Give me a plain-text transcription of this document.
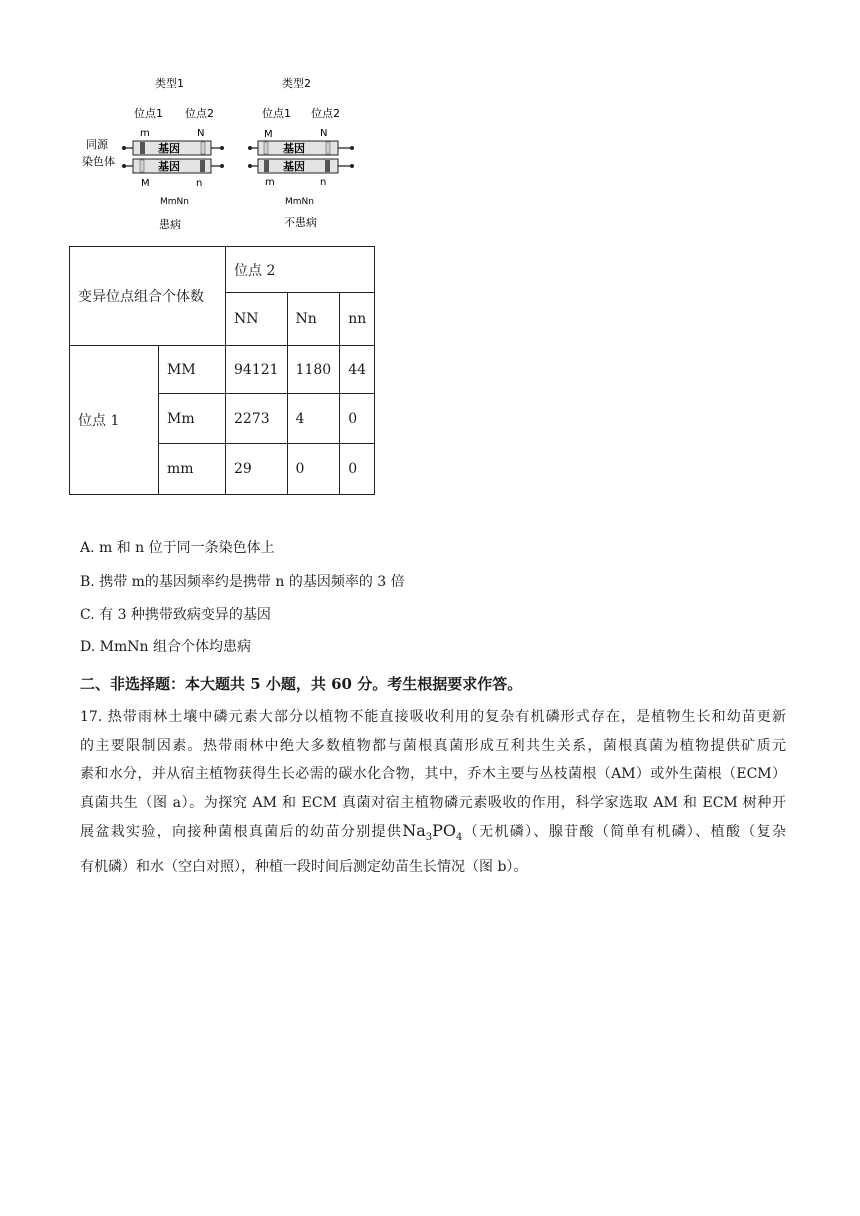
同源
染色体
类型1
位点1 位点2
m	N
基因
基因
M	n
MmNn
患病
类型2
位点1 位点2
M	N
基因
基因
m	n
MmNn
不患病
变异位点组合个体数		位点 2		
		NN	Nn	nn
位点 1	MM	94121	1180	44
	Mm	2273	4	0
	mm	29	0	0
A. m 和 n 位于同一条染色体上
B. 携带 m的基因频率约是携带 n 的基因频率的 3 倍
C. 有 3 种携带致病变异的基因
D. MmNn 组合个体均患病
二、非选择题：本大题共 5 小题，共 60 分。考生根据要求作答。
17. 热带雨林土壤中磷元素大部分以植物不能直接吸收利用的复杂有机磷形式存在，是植物生长和幼苗更新
的主要限制因素。热带雨林中绝大多数植物都与菌根真菌形成互利共生关系，菌根真菌为植物提供矿质元
素和水分，并从宿主植物获得生长必需的碳水化合物，其中，乔木主要与丛枝菌根（AM）或外生菌根（ECM）
真菌共生（图 a）。为探究 AM 和 ECM 真菌对宿主植物磷元素吸收的作用，科学家选取 AM 和 ECM 树种开
展盆栽实验，向接种菌根真菌后的幼苗分别提供$Na_3PO_4$（无机磷）、腺苷酸（简单有机磷）、植酸（复杂
有机磷）和水（空白对照），种植一段时间后测定幼苗生长情况（图 b）。
